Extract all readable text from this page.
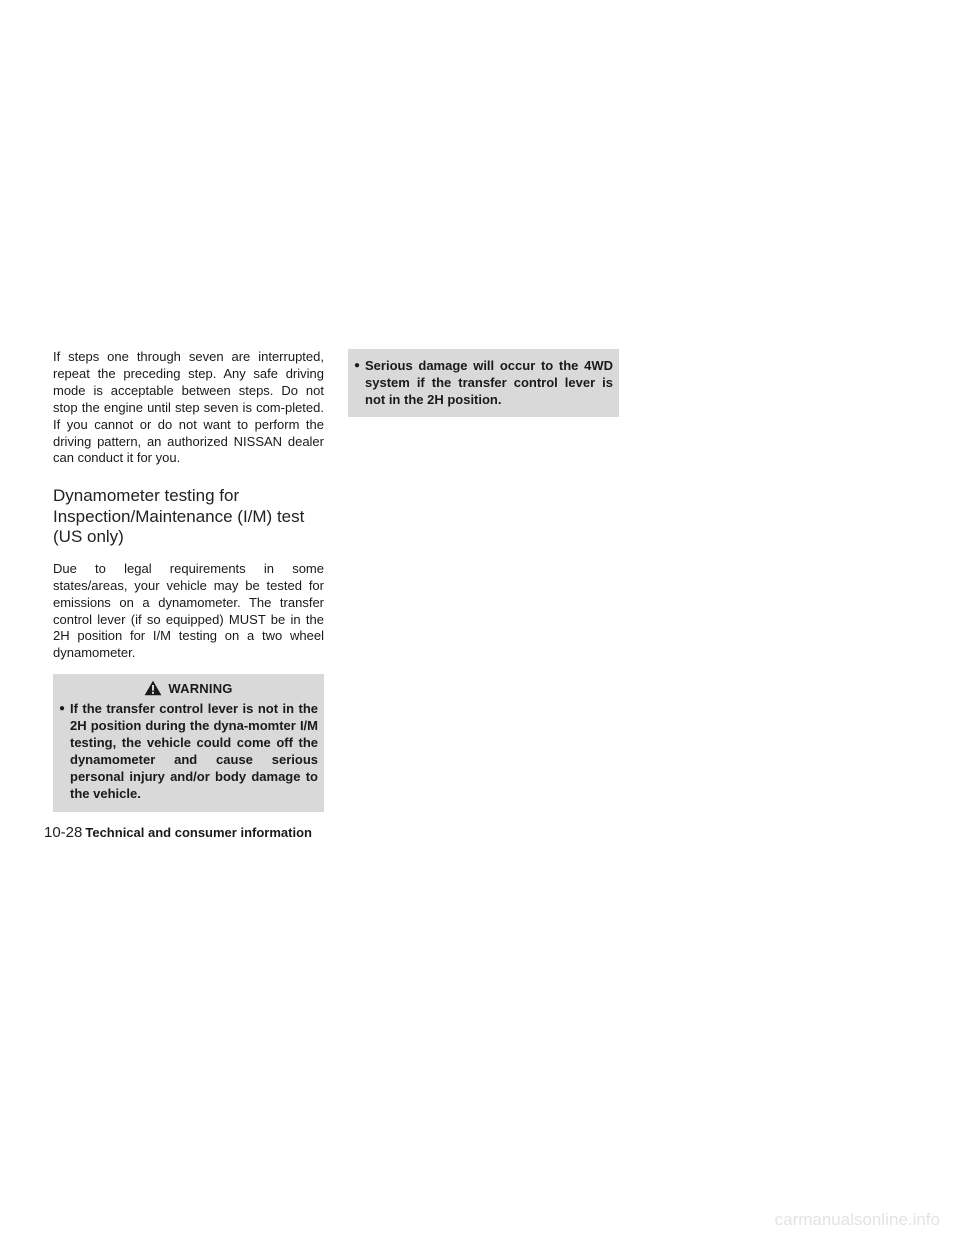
If steps one through seven are interrupted, repeat the preceding step. Any safe driving mode is acceptable between steps. Do not stop the engine until step seven is com-pleted. If you cannot or do not want to perform the driving pattern, an authorized NISSAN dealer can conduct it for you.

Dynamometer testing for Inspection/Maintenance (I/M) test (US only)

Due to legal requirements in some states/areas, your vehicle may be tested for emissions on a dynamometer. The transfer control lever (if so equipped) MUST be in the 2H position for I/M testing on a two wheel dynamometer.

WARNING
● If the transfer control lever is not in the 2H position during the dyna-momter I/M testing, the vehicle could come off the dynamometer and cause serious personal injury and/or body damage to the vehicle.
● Serious damage will occur to the 4WD system if the transfer control lever is not in the 2H position.
10-28 Technical and consumer information
carmanualsonline.info
